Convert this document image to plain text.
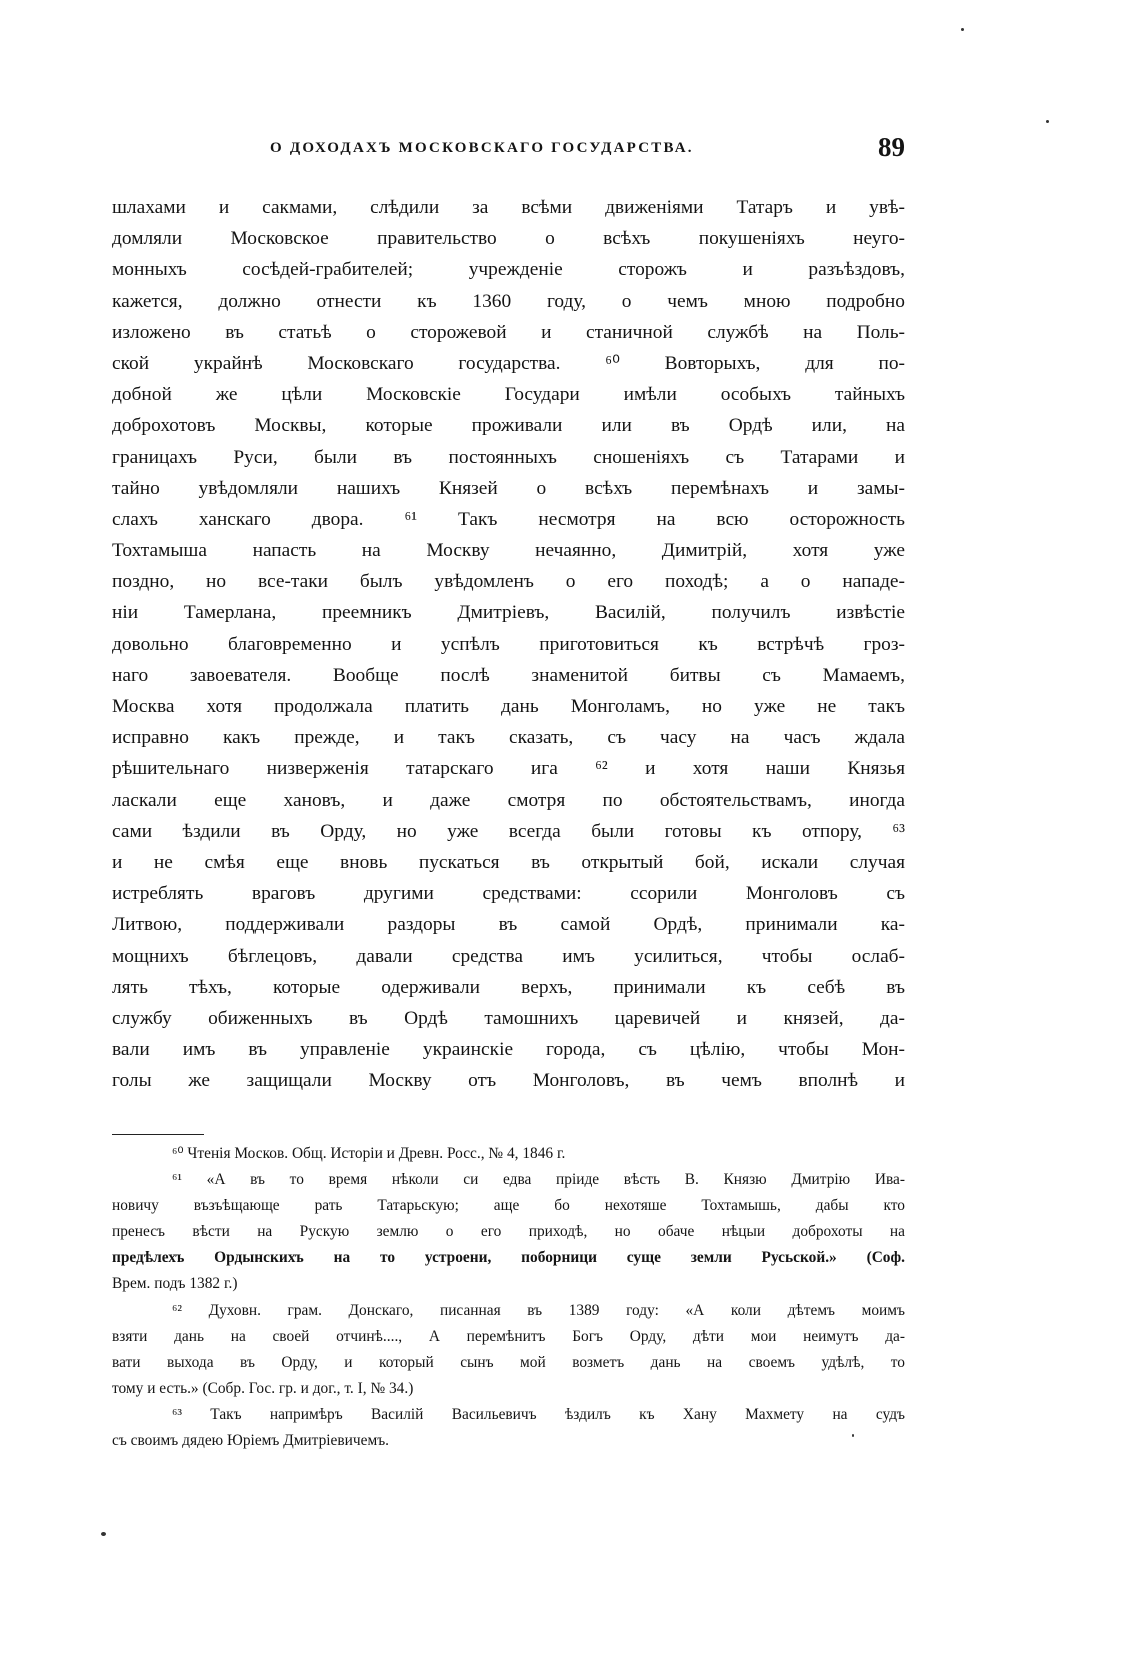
О ДОХОДАХЪ МОСКОВСКАГО ГОСУДАРСТВА.	89
шлахами и сакмами, слѣдили за всѣми движеніями Татаръ и увѣ-
домляли Московское правительство о всѣхъ покушеніяхъ неуго-
монныхъ сосѣдей-грабителей; учрежденіе сторожъ и разъѣздовъ,
кажется, должно отнести къ 1360 году, о чемъ мною подробно
изложено въ статьѣ о сторожевой и станичной службѣ на Поль-
ской украйнѣ Московскаго государства. ⁶⁰ Вовторыхъ, для по-
добной же цѣли Московскіе Государи имѣли особыхъ тайныхъ
доброхотовъ Москвы, которые проживали или въ Ордѣ или, на
границахъ Руси, были въ постоянныхъ сношеніяхъ съ Татарами и
тайно увѣдомляли нашихъ Князей о всѣхъ перемѣнахъ и замы-
слахъ ханскаго двора. ⁶¹ Такъ несмотря на всю осторожность
Тохтамыша напасть на Москву нечаянно, Димитрій, хотя уже
поздно, но все-таки былъ увѣдомленъ о его походѣ; а о нападе-
ніи Тамерлана, преемникъ Дмитріевъ, Василій, получилъ извѣстіе
довольно благовременно и успѣлъ приготовиться къ встрѣчѣ гроз-
наго завоевателя. Вообще послѣ знаменитой битвы съ Мамаемъ,
Москва хотя продолжала платить дань Монголамъ, но уже не такъ
исправно какъ прежде, и такъ сказать, съ часу на часъ ждала
рѣшительнаго низверженія татарскаго ига ⁶² и хотя наши Князья
ласкали еще хановъ, и даже смотря по обстоятельствамъ, иногда
сами ѣздили въ Орду, но уже всегда были готовы къ отпору, ⁶³
и не смѣя еще вновь пускаться въ открытый бой, искали случая
истреблять враговъ другими средствами: ссорили Монголовъ съ
Литвою, поддерживали раздоры въ самой Ордѣ, принимали ка-
мощнихъ бѣглецовъ, давали средства имъ усилиться, чтобы ослаб-
лять тѣхъ, которые одерживали верхъ, принимали къ себѣ въ
службу обиженныхъ въ Ордѣ тамошнихъ царевичей и князей, да-
вали имъ въ управленіе украинскіе города, съ цѣлію, чтобы Мон-
голы же защищали Москву отъ Монголовъ, въ чемъ вполнѣ и
⁶⁰ Чтенія Москов. Общ. Исторіи и Древн. Росс., № 4, 1846 г.
⁶¹ «А въ то время нѣколи си едва пріиде вѣсть В. Князю Дмитрію Ива-
новичу възъѣщающе рать Татарьскую; аще бо нехотяше Тохтамышь, дабы кто
пренесъ вѣсти на Рускую землю о его приходѣ, но обаче нѣцыи доброхоты на
предѣлехъ Ордынскихъ на то устроени, поборници суще земли Русьской.» (Соф.
Врем. подъ 1382 г.)
⁶² Духовн. грам. Донскаго, писанная въ 1389 году: «А коли дѣтемъ моимъ
взяти дань на своей отчинѣ...., А перемѣнитъ Богъ Орду, дѣти мои неимутъ да-
вати выхода въ Орду, и который сынъ мой возметъ дань на своемъ удѣлѣ, то
тому и есть.» (Собр. Гос. гр. и дог., т. I, № 34.)
⁶³ Такъ напримѣръ Василій Васильевичъ ѣздилъ къ Хану Махмету на судъ
съ своимъ дядею Юріемъ Дмитріевичемъ.
